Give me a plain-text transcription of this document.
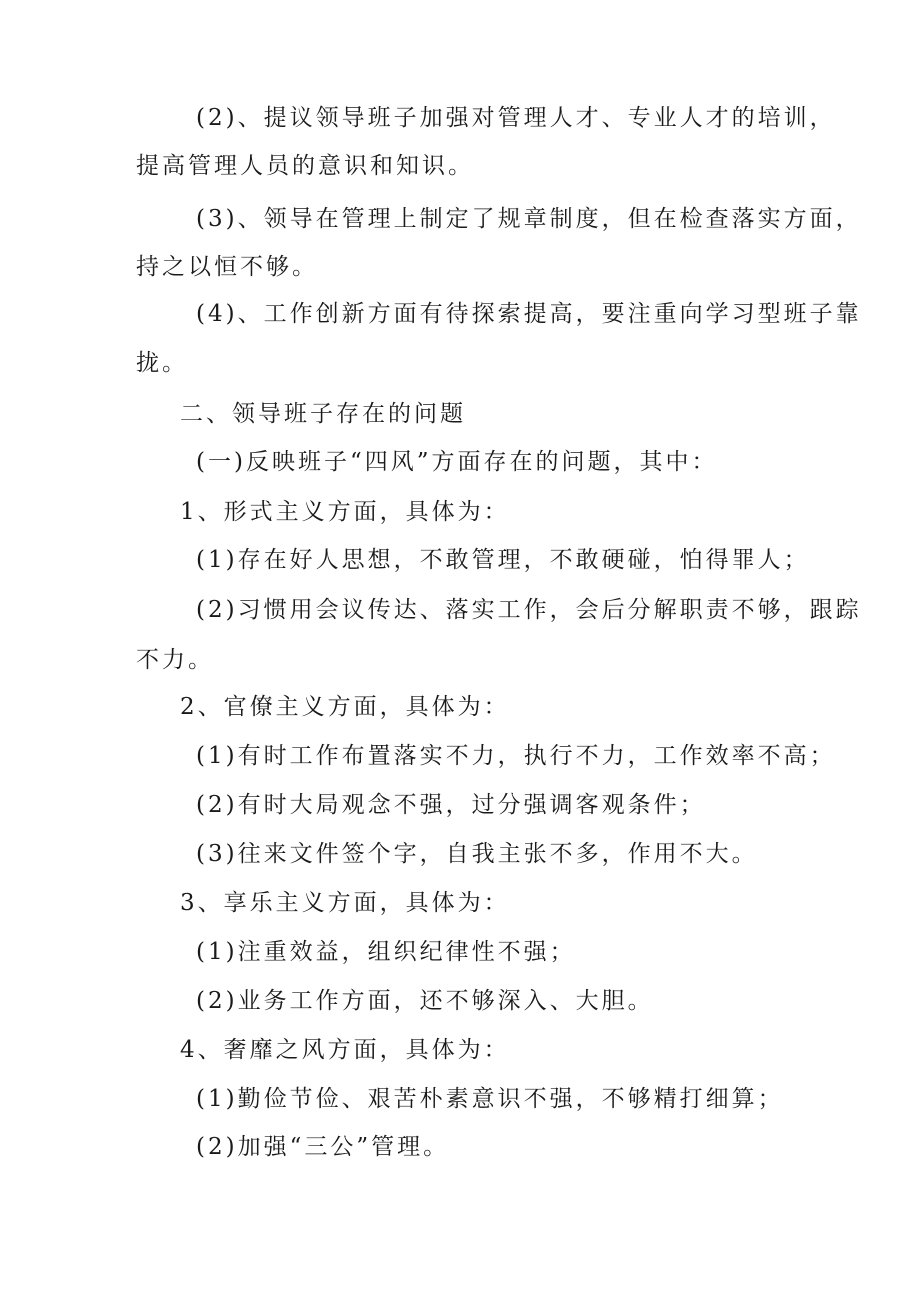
(2)、提议领导班子加强对管理人才、专业人才的培训，
提高管理人员的意识和知识。
(3)、领导在管理上制定了规章制度，但在检查落实方面，
持之以恒不够。
(4)、工作创新方面有待探索提高，要注重向学习型班子靠
拢。
二、领导班子存在的问题
(一)反映班子“四风”方面存在的问题，其中：
1、形式主义方面，具体为：
(1)存在好人思想，不敢管理，不敢硬碰，怕得罪人；
(2)习惯用会议传达、落实工作，会后分解职责不够，跟踪
不力。
2、官僚主义方面，具体为：
(1)有时工作布置落实不力，执行不力，工作效率不高；
(2)有时大局观念不强，过分强调客观条件；
(3)往来文件签个字，自我主张不多，作用不大。
3、享乐主义方面，具体为：
(1)注重效益，组织纪律性不强；
(2)业务工作方面，还不够深入、大胆。
4、奢靡之风方面，具体为：
(1)勤俭节俭、艰苦朴素意识不强，不够精打细算；
(2)加强“三公”管理。
